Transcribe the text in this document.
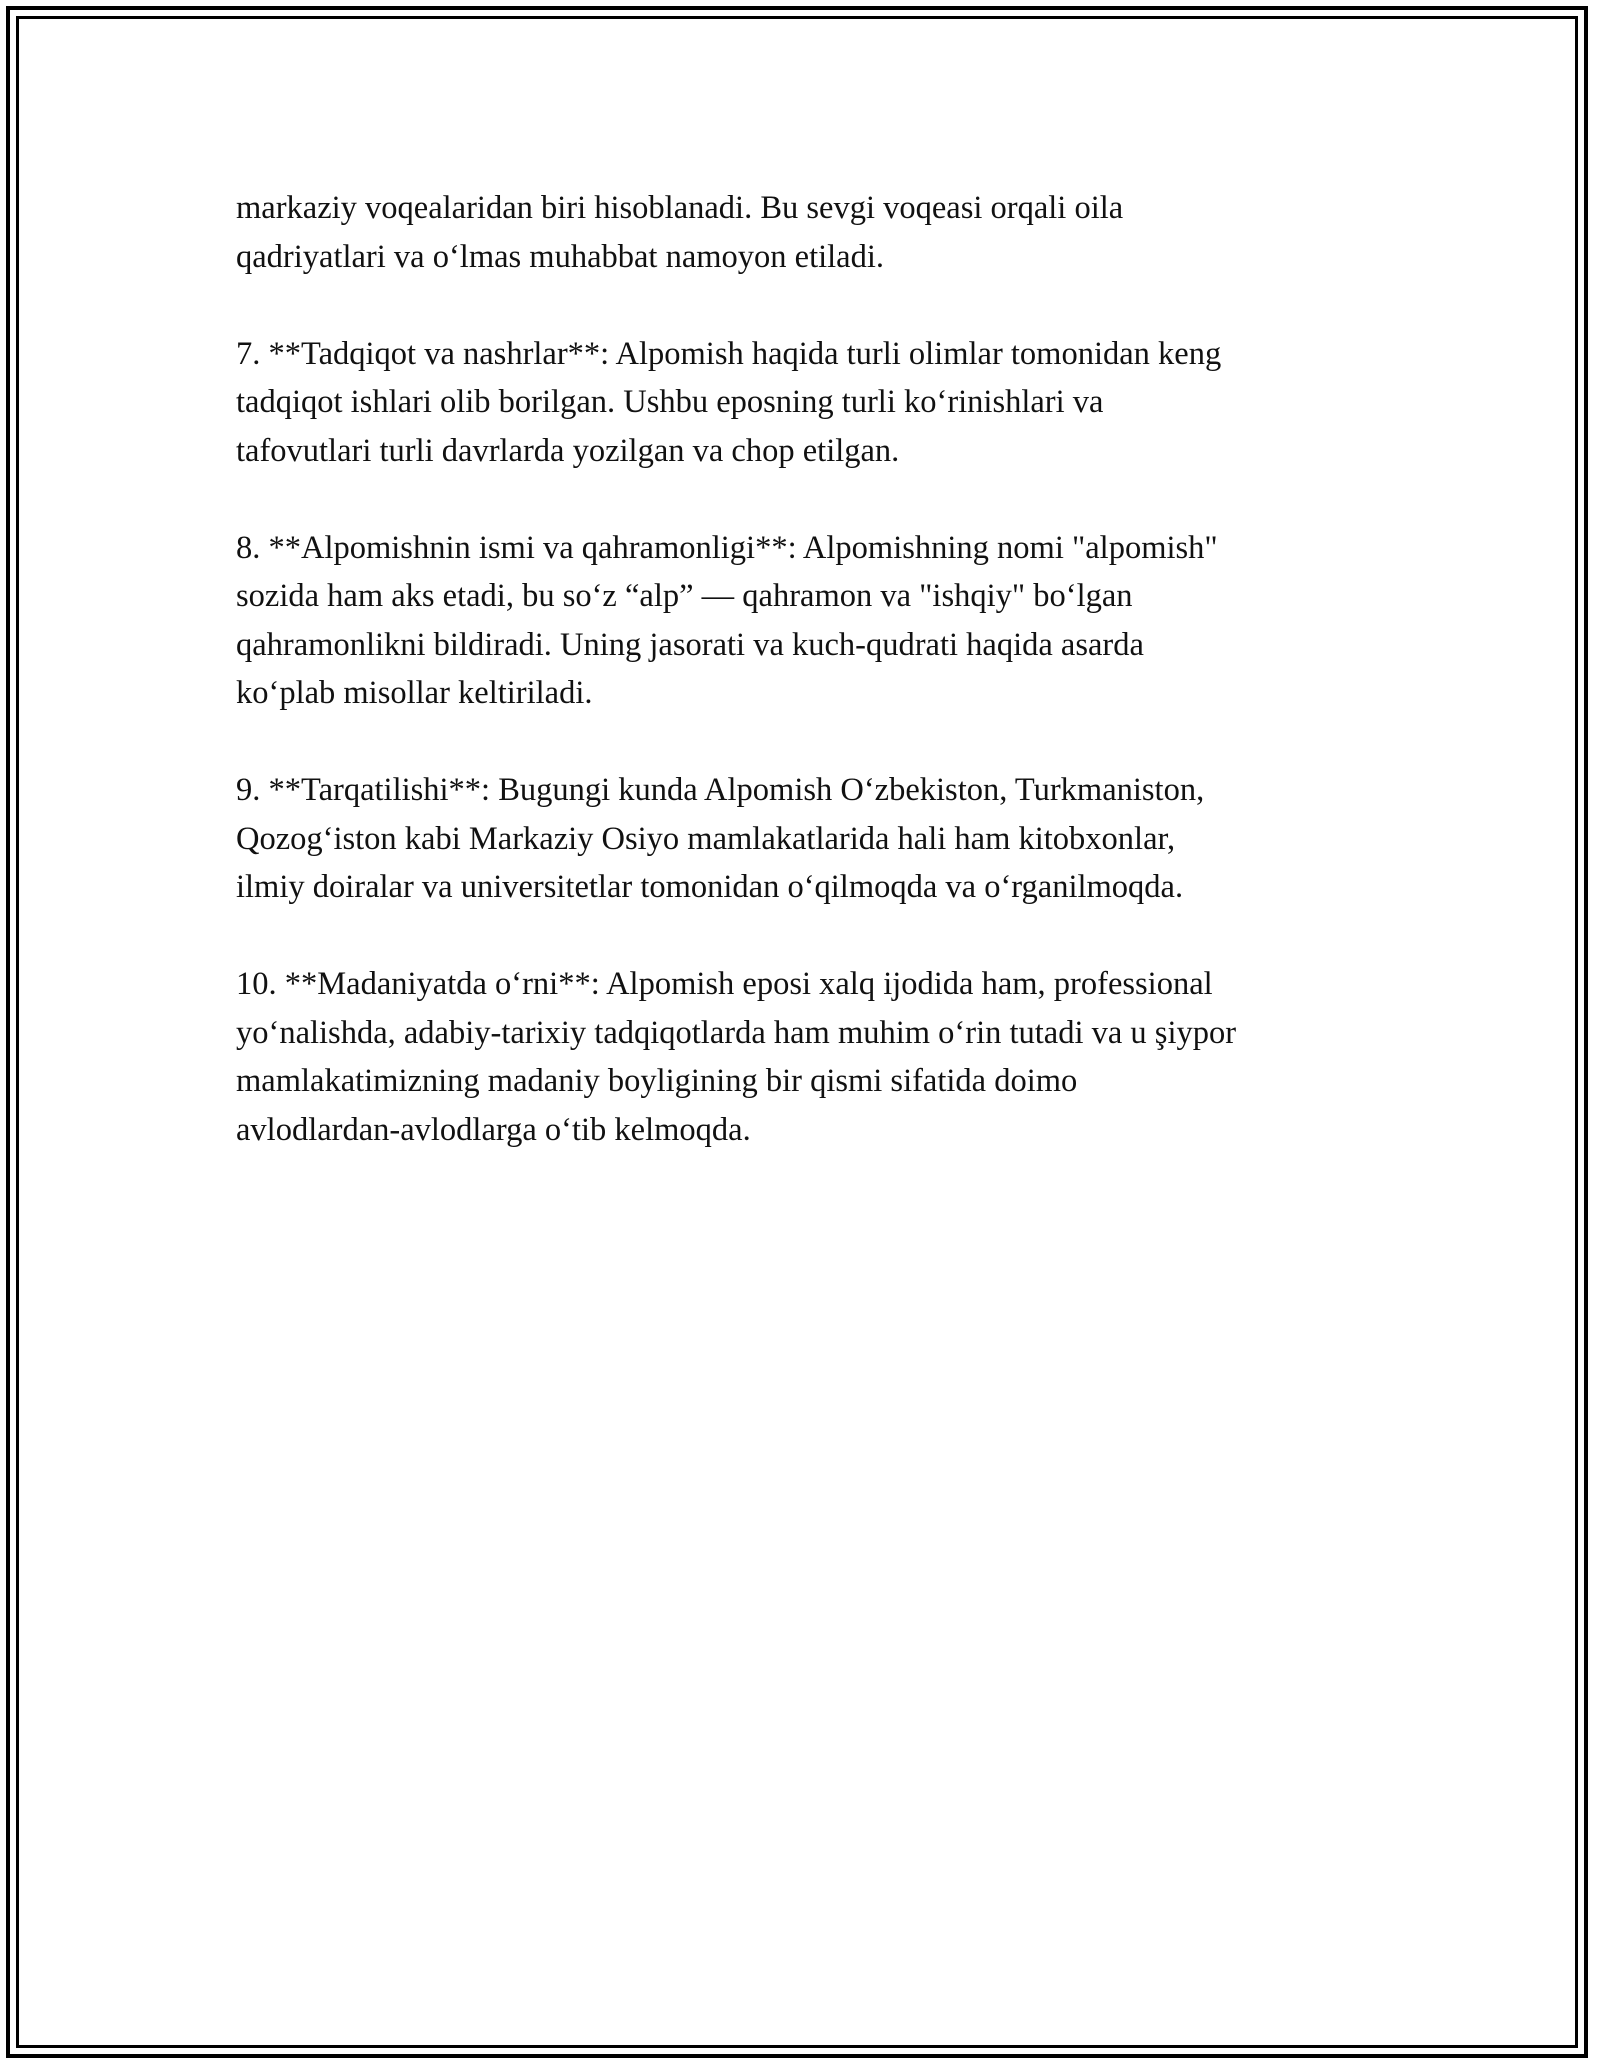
markaziy voqealaridan biri hisoblanadi. Bu sevgi voqeasi orqali oila
qadriyatlari va oʻlmas muhabbat namoyon etiladi.

7. **Tadqiqot va nashrlar**: Alpomish haqida turli olimlar tomonidan keng
tadqiqot ishlari olib borilgan. Ushbu eposning turli koʻrinishlari va
tafovutlari turli davrlarda yozilgan va chop etilgan.

8. **Alpomishnin ismi va qahramonligi**: Alpomishning nomi "alpomish"
sozida ham aks etadi, bu soʻz “alp” — qahramon va "ishqiy" boʻlgan
qahramonlikni bildiradi. Uning jasorati va kuch-qudrati haqida asarda
koʻplab misollar keltiriladi.

9. **Tarqatilishi**: Bugungi kunda Alpomish Oʻzbekiston, Turkmaniston,
Qozogʻiston kabi Markaziy Osiyo mamlakatlarida hali ham kitobxonlar,
ilmiy doiralar va universitetlar tomonidan oʻqilmoqda va oʻrganilmoqda.

10. **Madaniyatda oʻrni**: Alpomish eposi xalq ijodida ham, professional
yoʻnalishda, adabiy-tarixiy tadqiqotlarda ham muhim oʻrin tutadi va u şiypor
mamlakatimizning madaniy boyligining bir qismi sifatida doimo
avlodlardan-avlodlarga oʻtib kelmoqda.
